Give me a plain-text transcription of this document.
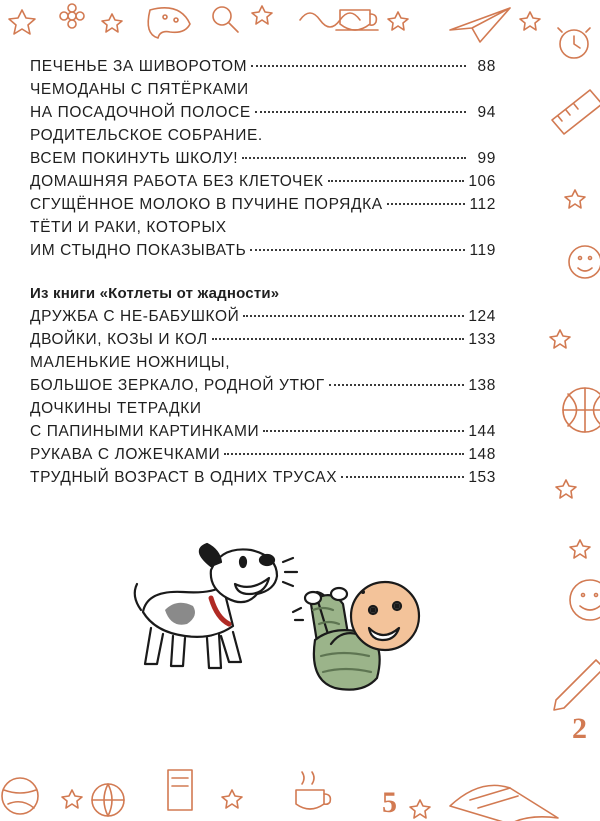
5
2
ПЕЧЕНЬЕ ЗА ШИВОРОТОМ	88
ЧЕМОДАНЫ С ПЯТЁРКАМИ
НА ПОСАДОЧНОЙ ПОЛОСЕ	94
РОДИТЕЛЬСКОЕ СОБРАНИЕ.
ВСЕМ ПОКИНУТЬ ШКОЛУ!	99
ДОМАШНЯЯ РАБОТА БЕЗ КЛЕТОЧЕК	106
СГУЩЁННОЕ МОЛОКО В ПУЧИНЕ ПОРЯДКА	112
ТЁТИ И РАКИ, КОТОРЫХ
ИМ СТЫДНО ПОКАЗЫВАТЬ	119
Из книги «Котлеты от жадности»
ДРУЖБА С НЕ-БАБУШКОЙ	124
ДВОЙКИ, КОЗЫ И КОЛ	133
МАЛЕНЬКИЕ НОЖНИЦЫ,
БОЛЬШОЕ ЗЕРКАЛО, РОДНОЙ УТЮГ	138
ДОЧКИНЫ ТЕТРАДКИ
С ПАПИНЫМИ КАРТИНКАМИ	144
РУКАВА С ЛОЖЕЧКАМИ	148
ТРУДНЫЙ ВОЗРАСТ В ОДНИХ ТРУСАХ	153
